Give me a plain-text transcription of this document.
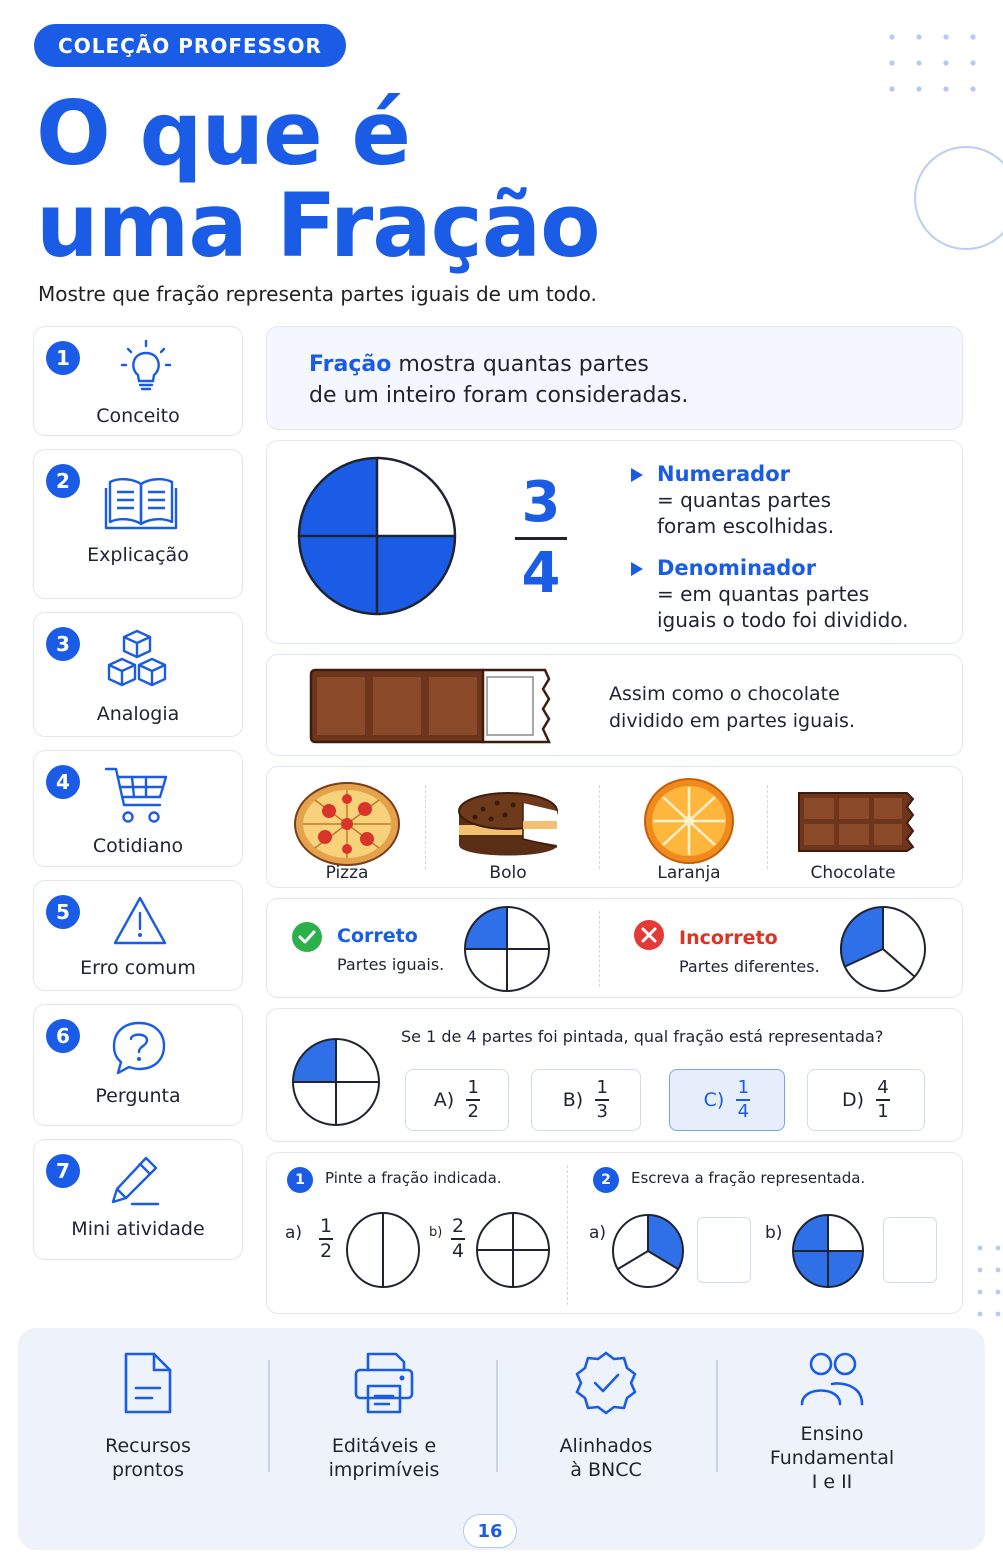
COLEÇÃO PROFESSOR
O que é
uma Fração
Mostre que fração representa partes iguais de um todo.
1
Conceito
2
Explicação
3
Analogia
4
Cotidiano
5
Erro comum
6
Pergunta
7
Mini atividade
Fração mostra quantas partes
de um inteiro foram consideradas.
3
4
Numerador
= quantas partes
foram escolhidas.
Denominador
= em quantas partes
iguais o todo foi dividido.
Assim como o chocolate
dividido em partes iguais.
Pizza	Bolo	Laranja	Chocolate
Correto
Partes iguais.
Incorreto
Partes diferentes.
Se 1 de 4 partes foi pintada, qual fração está representada?
$A) \frac{1}{2}$	$B) \frac{1}{3}$	$C) \frac{1}{4}$	$D) \frac{4}{1}$
1	Pinte a fração indicada.
a) 1
2
b) 2
4
2	Escreva a fração representada.
a)	b)
Recursos
prontos
Editáveis e
imprimíveis
Alinhados
à BNCC
Ensino
Fundamental
I e II
16
